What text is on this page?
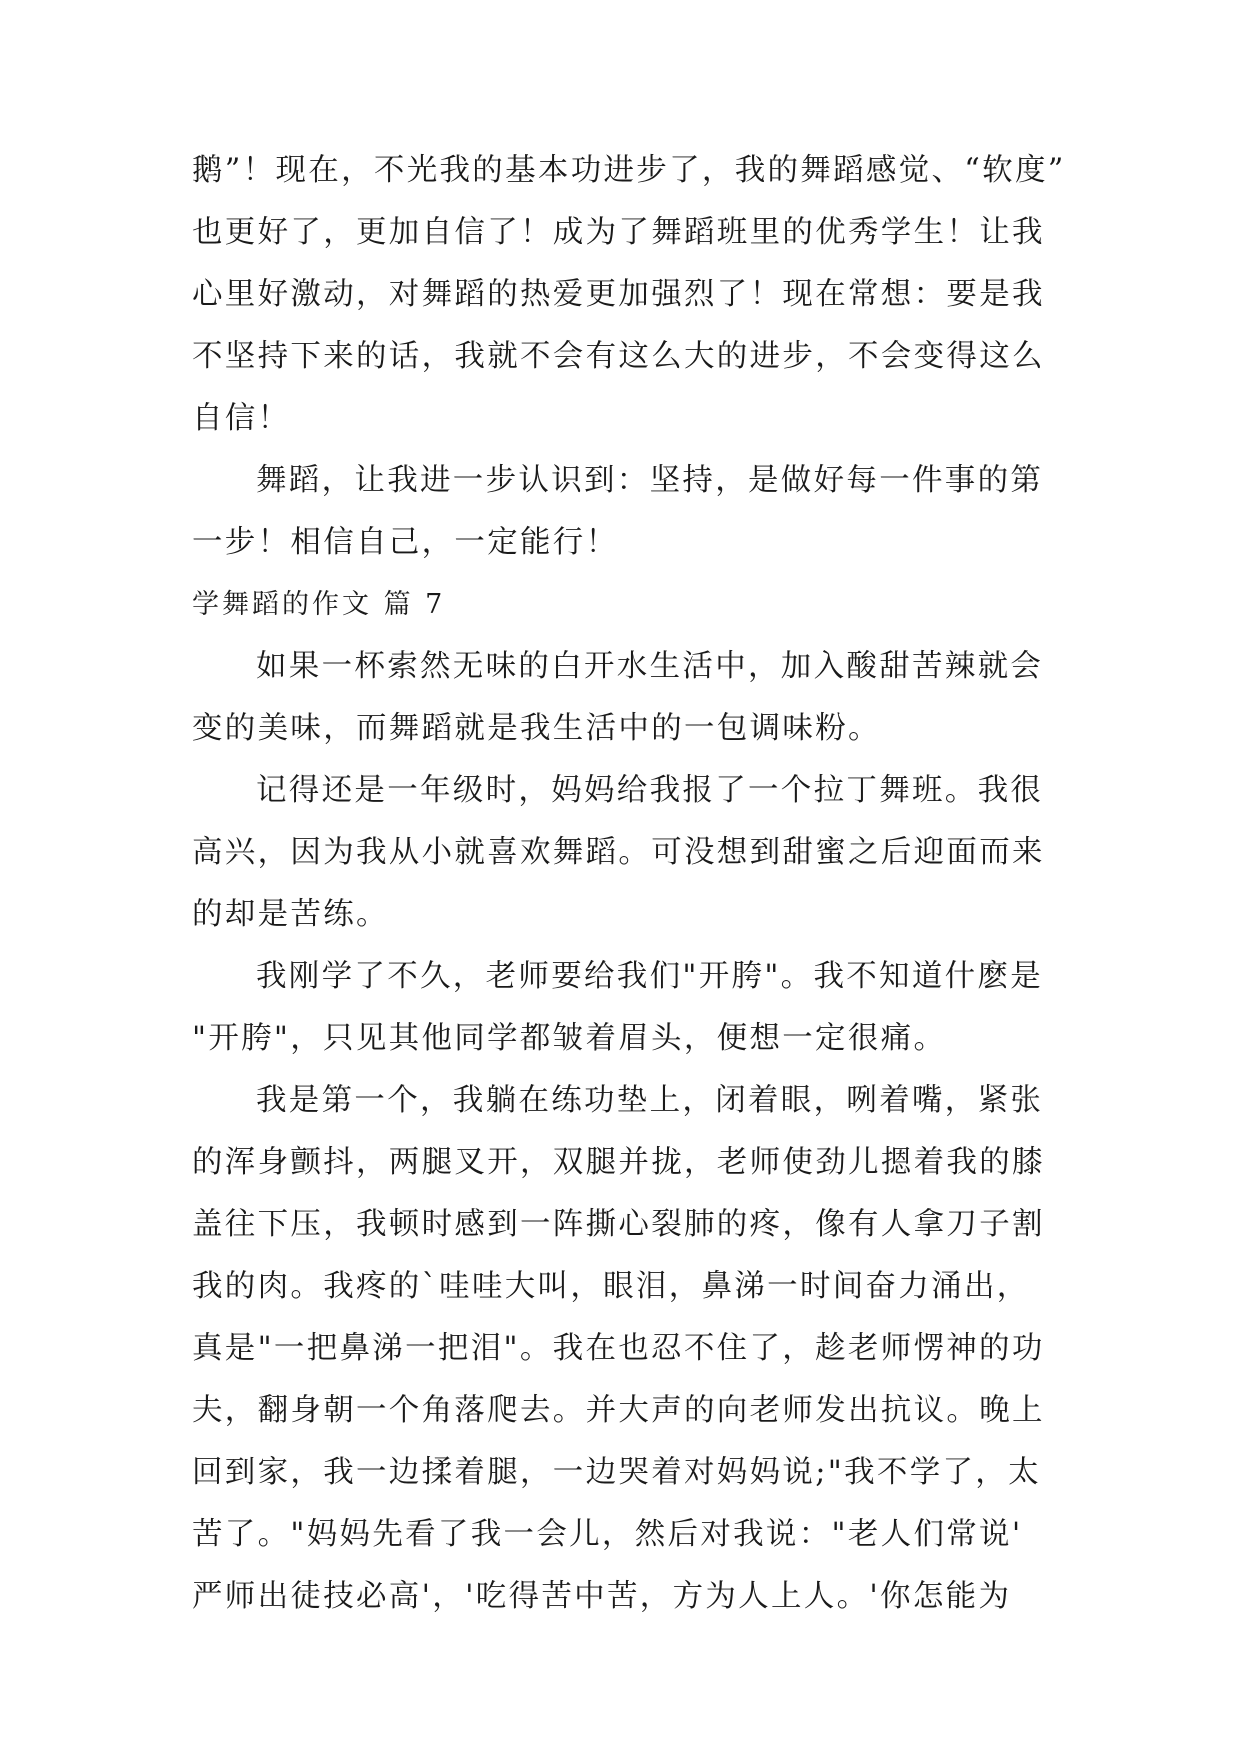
鹅”！现在，不光我的基本功进步了，我的舞蹈感觉、“软度”
也更好了，更加自信了！成为了舞蹈班里的优秀学生！让我
心里好激动，对舞蹈的热爱更加强烈了！现在常想：要是我
不坚持下来的话，我就不会有这么大的进步，不会变得这么
自信！
舞蹈，让我进一步认识到：坚持，是做好每一件事的第
一步！相信自己，一定能行！
学舞蹈的作文 篇 7
如果一杯索然无味的白开水生活中，加入酸甜苦辣就会
变的美味，而舞蹈就是我生活中的一包调味粉。
记得还是一年级时，妈妈给我报了一个拉丁舞班。我很
高兴，因为我从小就喜欢舞蹈。可没想到甜蜜之后迎面而来
的却是苦练。
我刚学了不久，老师要给我们"开胯"。我不知道什麽是
"开胯"，只见其他同学都皱着眉头，便想一定很痛。
我是第一个，我躺在练功垫上，闭着眼，咧着嘴，紧张
的浑身颤抖，两腿叉开，双腿并拢，老师使劲儿摁着我的膝
盖往下压，我顿时感到一阵撕心裂肺的疼，像有人拿刀子割
我的肉。我疼的`哇哇大叫，眼泪，鼻涕一时间奋力涌出，
真是"一把鼻涕一把泪"。我在也忍不住了，趁老师愣神的功
夫，翻身朝一个角落爬去。并大声的向老师发出抗议。晚上
回到家，我一边揉着腿，一边哭着对妈妈说;"我不学了，太
苦了。"妈妈先看了我一会儿，然后对我说："老人们常说'
严师出徒技必高'，'吃得苦中苦，方为人上人。'你怎能为
